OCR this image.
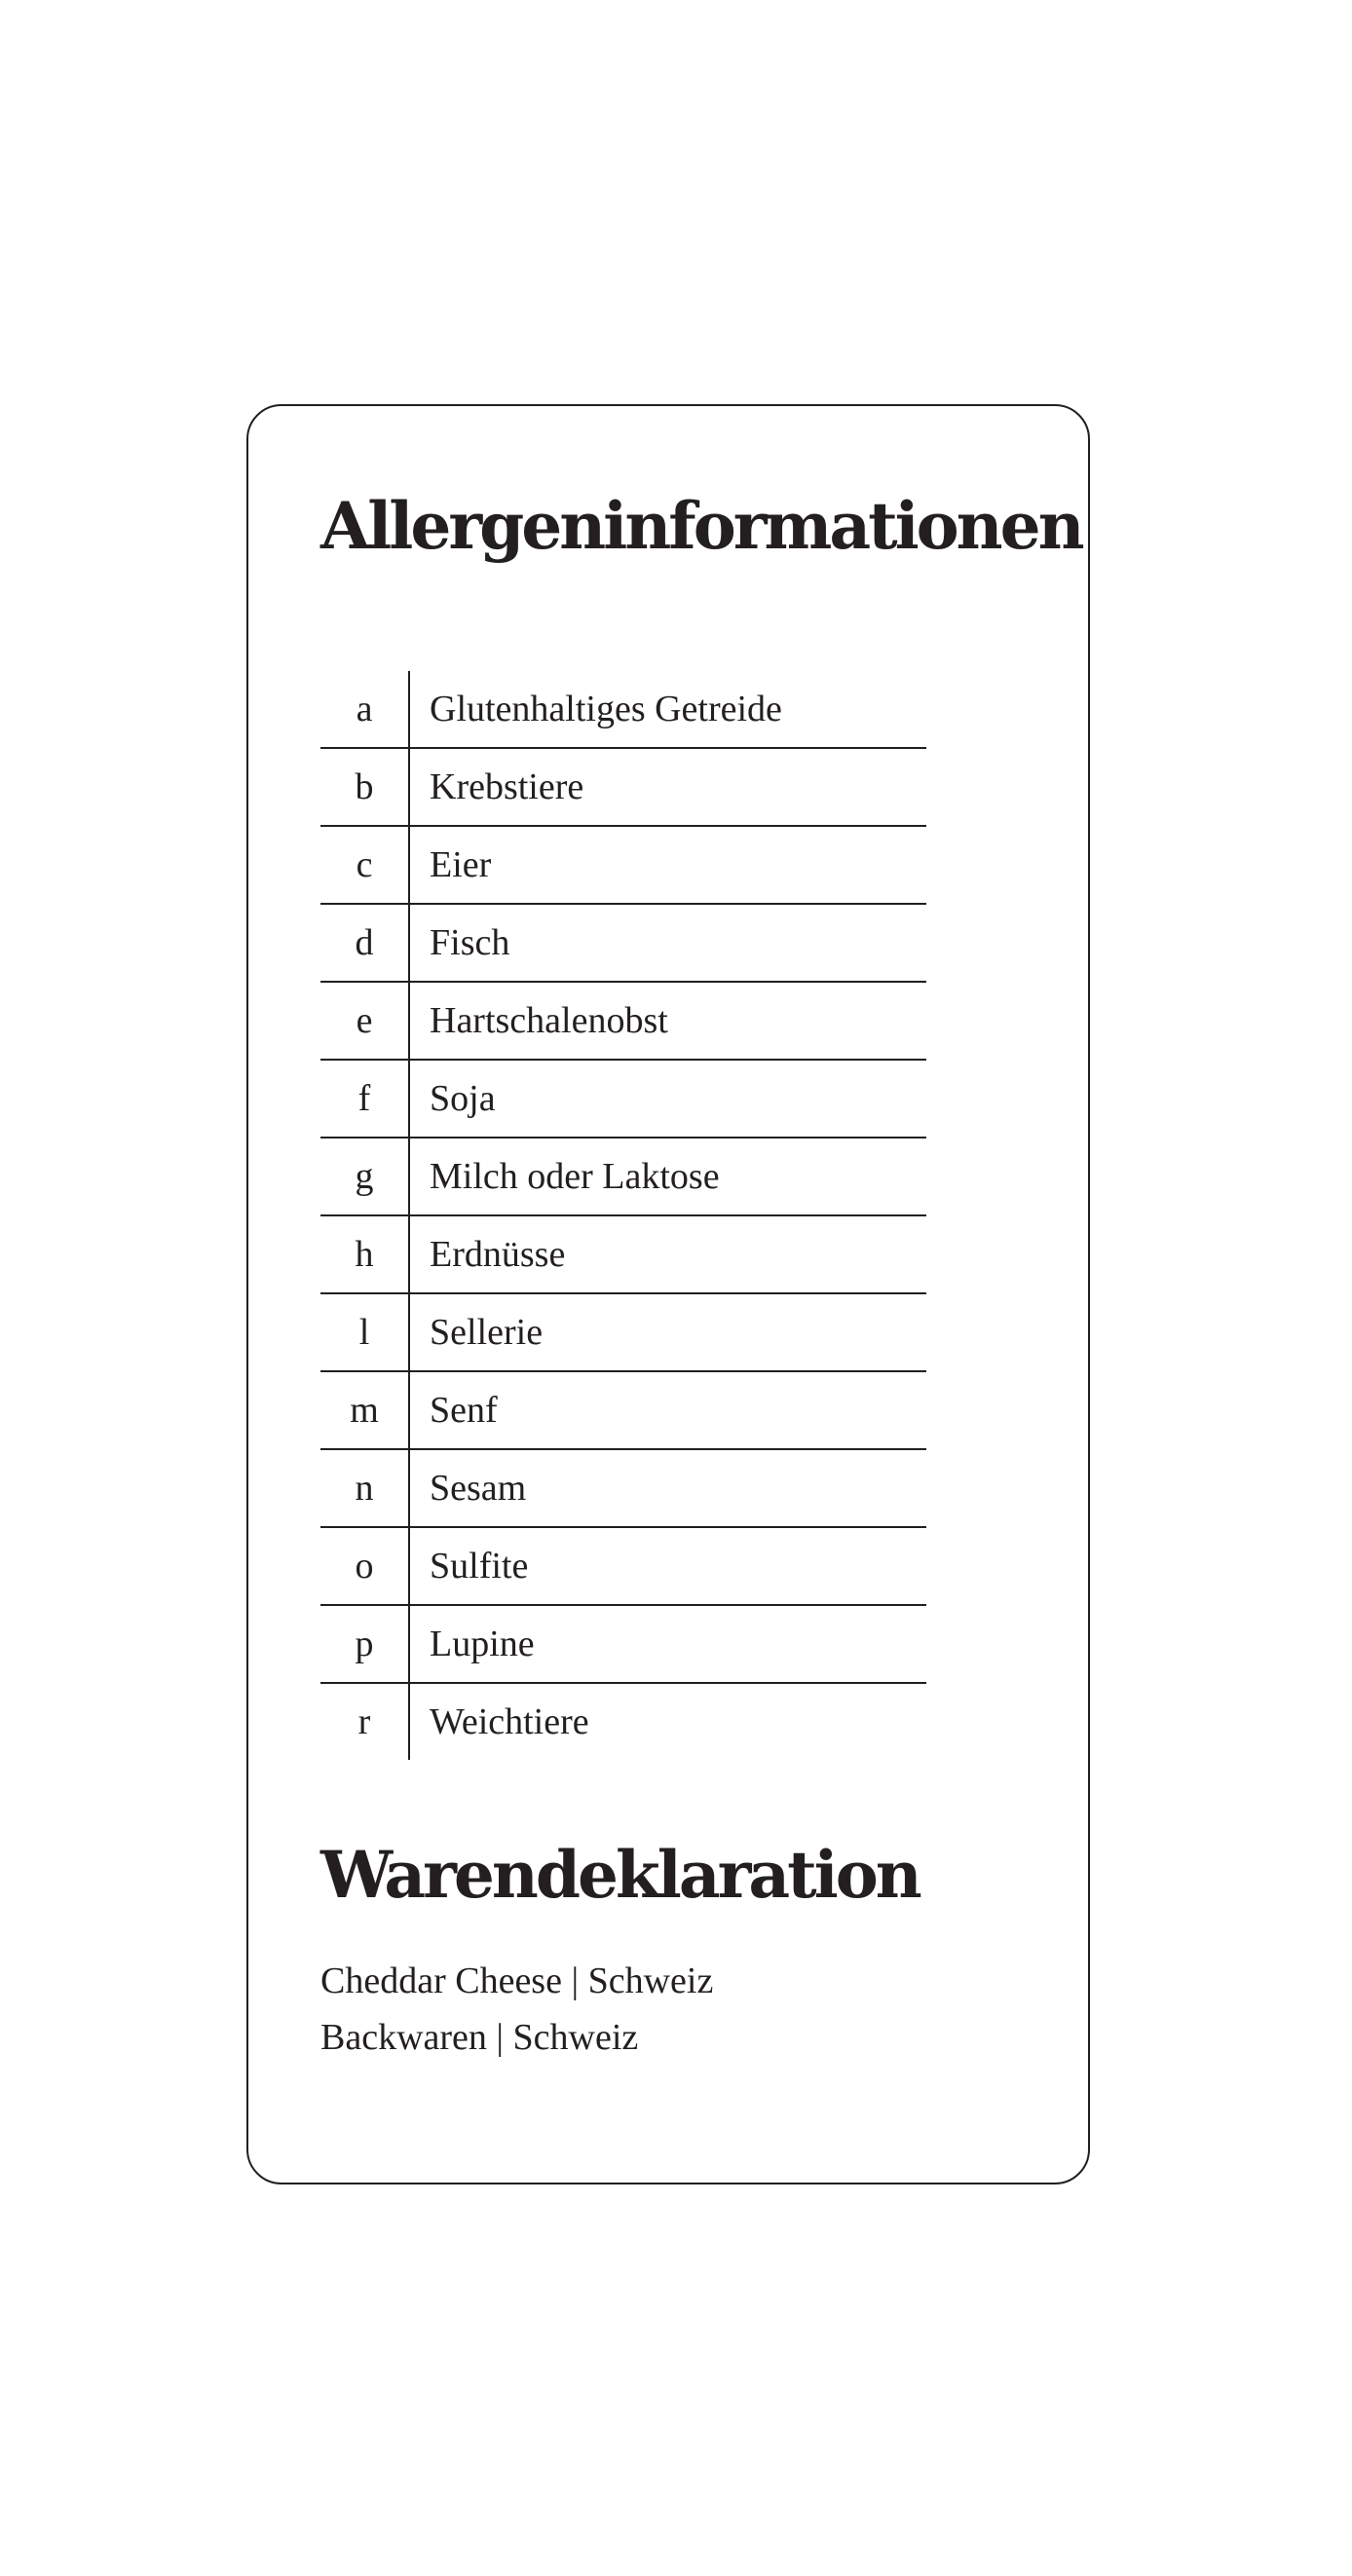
Allergeninformationen
a	Glutenhaltiges Getreide
b	Krebstiere
c	Eier
d	Fisch
e	Hartschalenobst
f	Soja
g	Milch oder Laktose
h	Erdnüsse
l	Sellerie
m	Senf
n	Sesam
o	Sulfite
p	Lupine
r	Weichtiere
Warendeklaration
Cheddar Cheese | Schweiz
Backwaren | Schweiz
